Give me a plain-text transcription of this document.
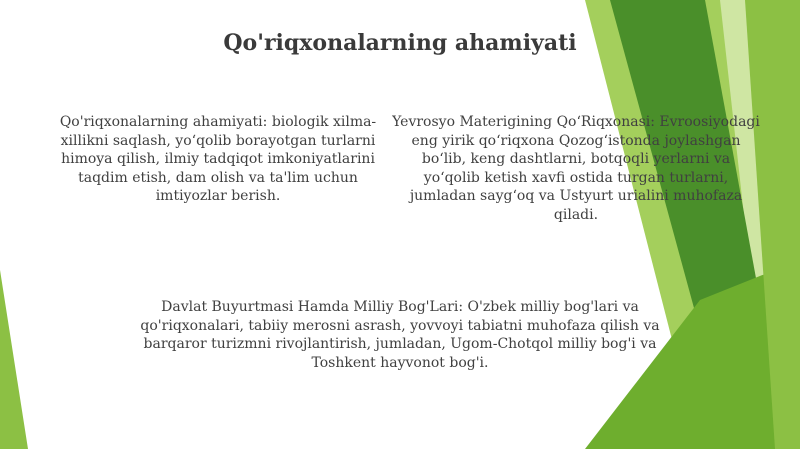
Qo'riqxonalarning ahamiyati

Qo'riqxonalarning ahamiyati: biologik xilma-xillikni saqlash, yo‘qolib borayotgan turlarni himoya qilish, ilmiy tadqiqot imkoniyatlarini taqdim etish, dam olish va ta'lim uchun imtiyozlar berish.

Yevrosyo Materigining Qo‘Riqxonasi: Evroosiyodagi eng yirik qo‘riqxona Qozog‘istonda joylashgan bo‘lib, keng dashtlarni, botqoqli yerlarni va yo‘qolib ketish xavfi ostida turgan turlarni, jumladan sayg‘oq va Ustyurt urialini muhofaza qiladi.

Davlat Buyurtmasi Hamda Milliy Bog'Lari: O'zbek milliy bog'lari va qo'riqxonalari, tabiiy merosni asrash, yovvoyi tabiatni muhofaza qilish va barqaror turizmni rivojlantirish, jumladan, Ugom-Chotqol milliy bog'i va Toshkent hayvonot bog'i.
